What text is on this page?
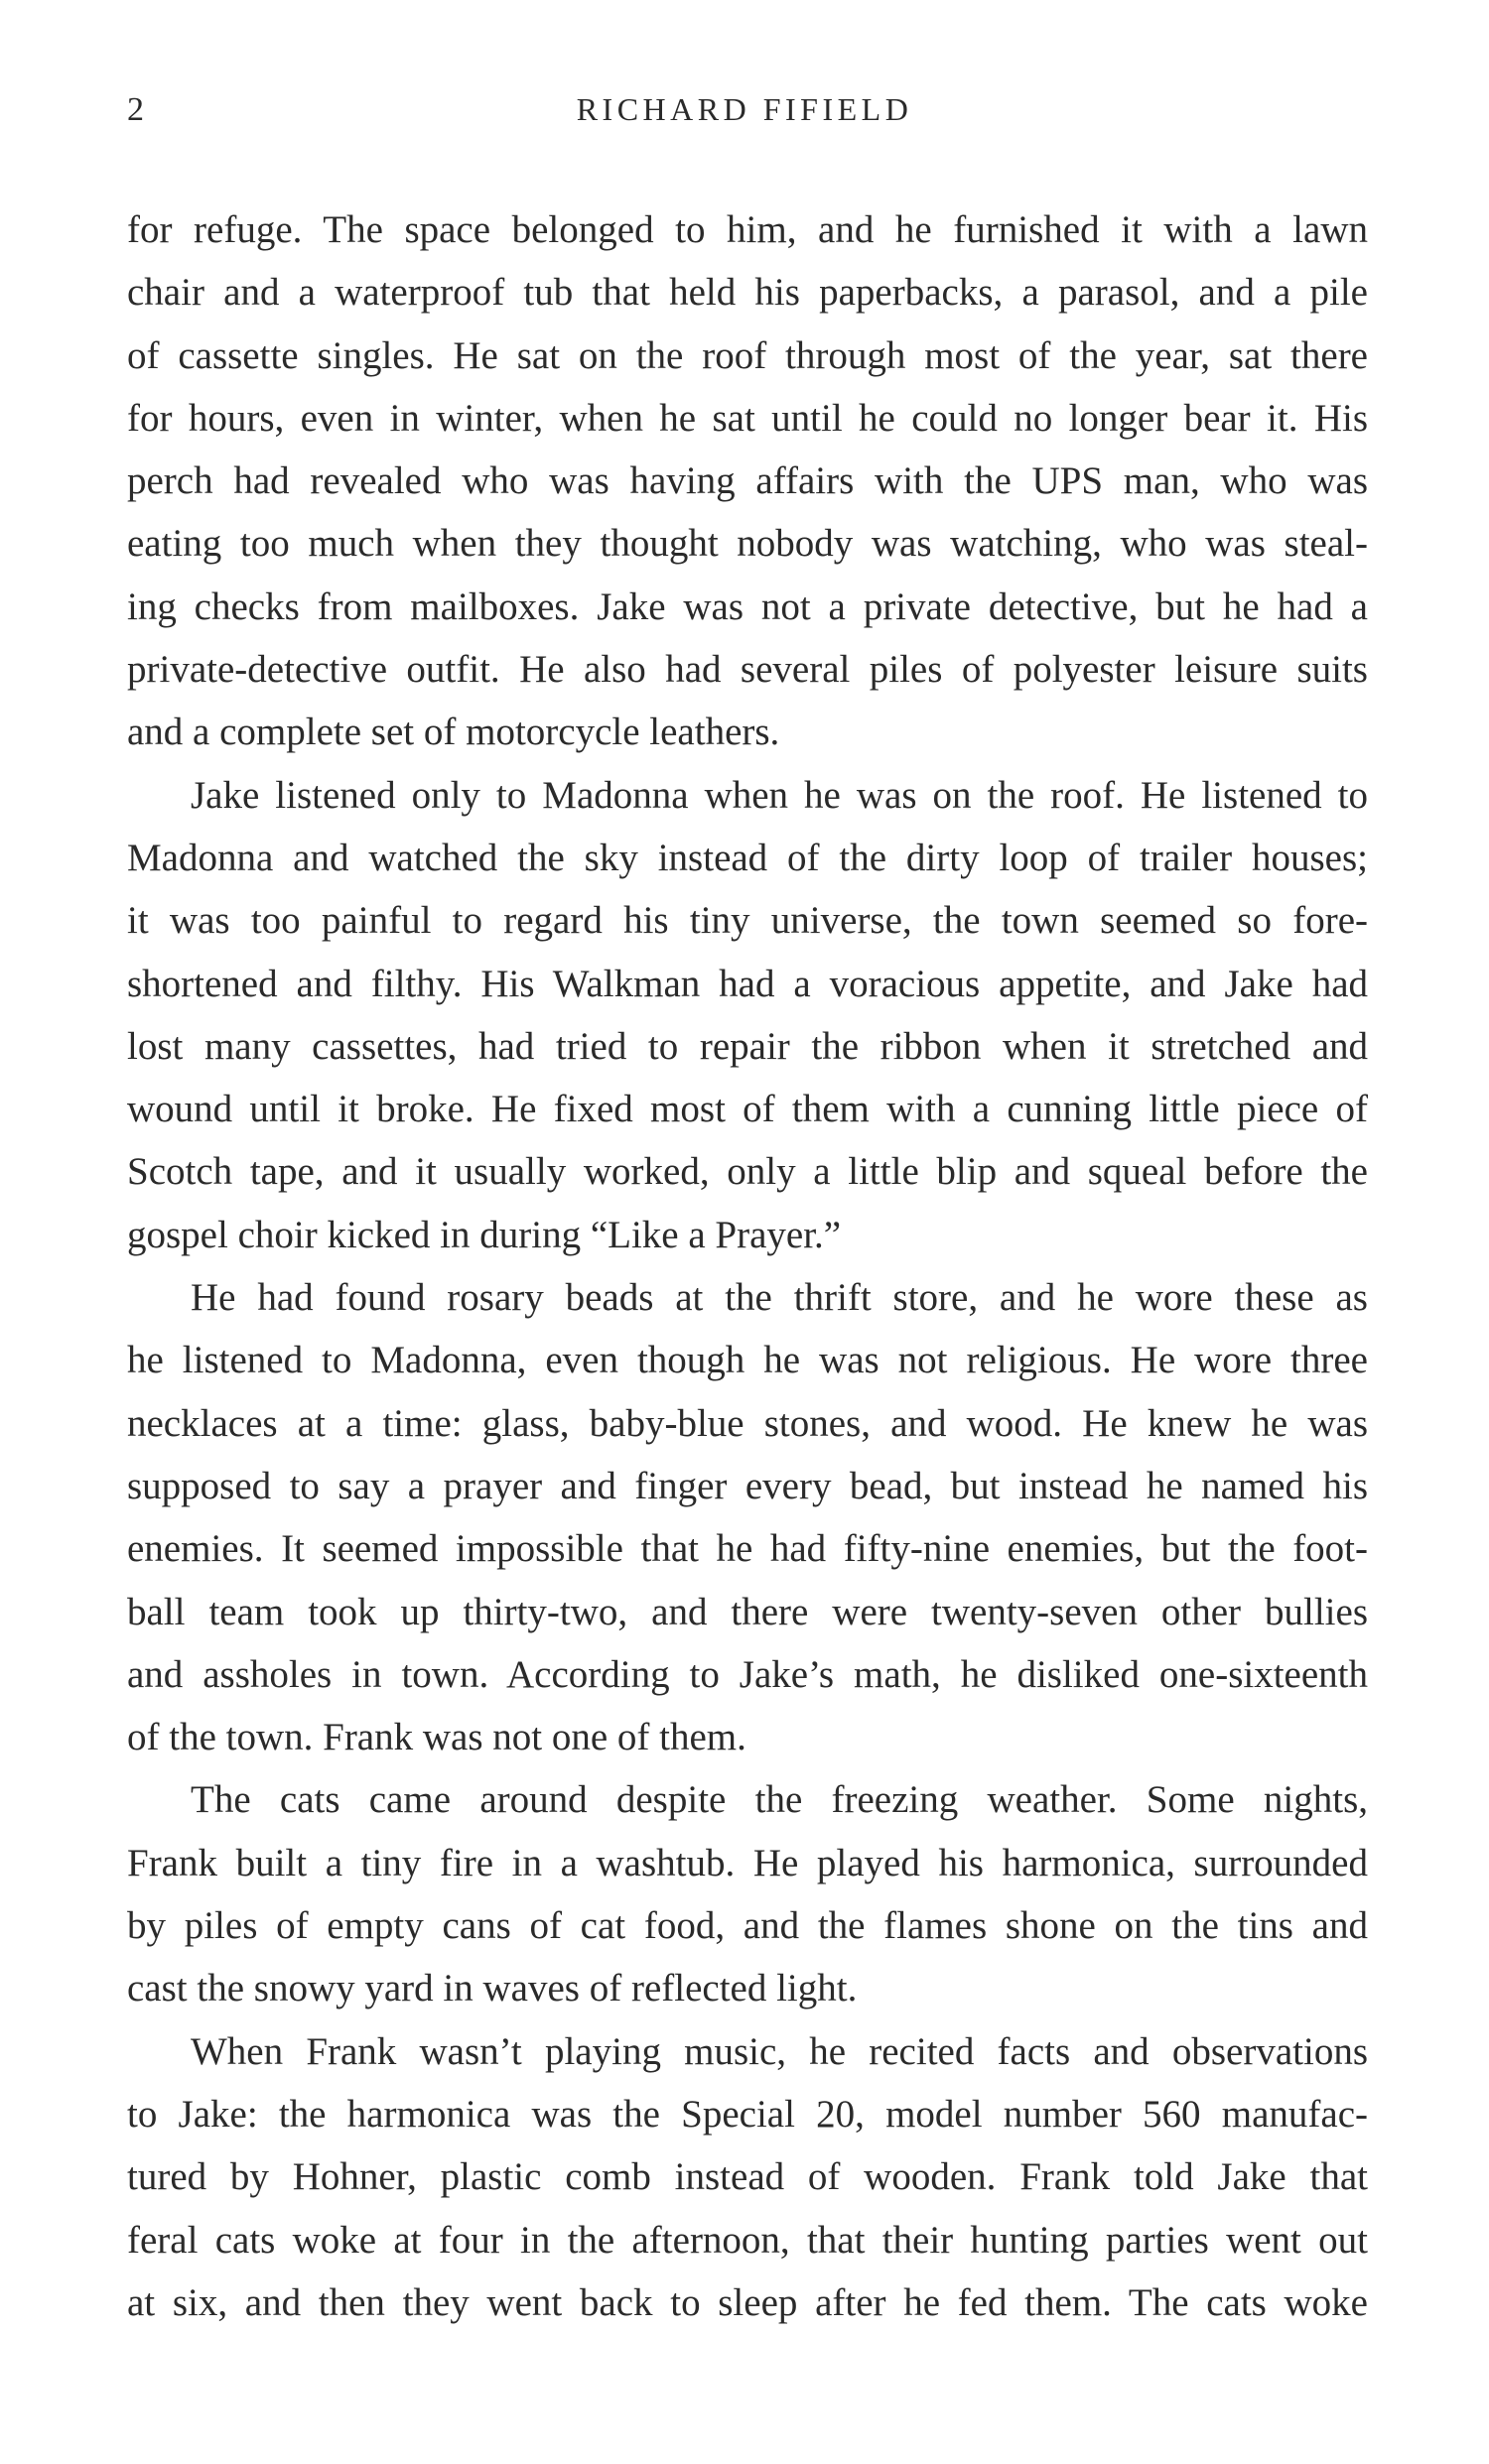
2	RICHARD FIFIELD
for refuge. The space belonged to him, and he furnished it with a lawn
chair and a waterproof tub that held his paperbacks, a parasol, and a pile
of cassette singles. He sat on the roof through most of the year, sat there
for hours, even in winter, when he sat until he could no longer bear it. His
perch had revealed who was having affairs with the UPS man, who was
eating too much when they thought nobody was watching, who was steal-
ing checks from mailboxes. Jake was not a private detective, but he had a
private-detective outfit. He also had several piles of polyester leisure suits
and a complete set of motorcycle leathers.
Jake listened only to Madonna when he was on the roof. He listened to
Madonna and watched the sky instead of the dirty loop of trailer houses;
it was too painful to regard his tiny universe, the town seemed so fore-
shortened and filthy. His Walkman had a voracious appetite, and Jake had
lost many cassettes, had tried to repair the ribbon when it stretched and
wound until it broke. He fixed most of them with a cunning little piece of
Scotch tape, and it usually worked, only a little blip and squeal before the
gospel choir kicked in during “Like a Prayer.”
He had found rosary beads at the thrift store, and he wore these as
he listened to Madonna, even though he was not religious. He wore three
necklaces at a time: glass, baby-blue stones, and wood. He knew he was
supposed to say a prayer and finger every bead, but instead he named his
enemies. It seemed impossible that he had fifty-nine enemies, but the foot-
ball team took up thirty-two, and there were twenty-seven other bullies
and assholes in town. According to Jake’s math, he disliked one-sixteenth
of the town. Frank was not one of them.
The cats came around despite the freezing weather. Some nights,
Frank built a tiny fire in a washtub. He played his harmonica, surrounded
by piles of empty cans of cat food, and the flames shone on the tins and
cast the snowy yard in waves of reflected light.
When Frank wasn’t playing music, he recited facts and observations
to Jake: the harmonica was the Special 20, model number 560 manufac-
tured by Hohner, plastic comb instead of wooden. Frank told Jake that
feral cats woke at four in the afternoon, that their hunting parties went out
at six, and then they went back to sleep after he fed them. The cats woke
